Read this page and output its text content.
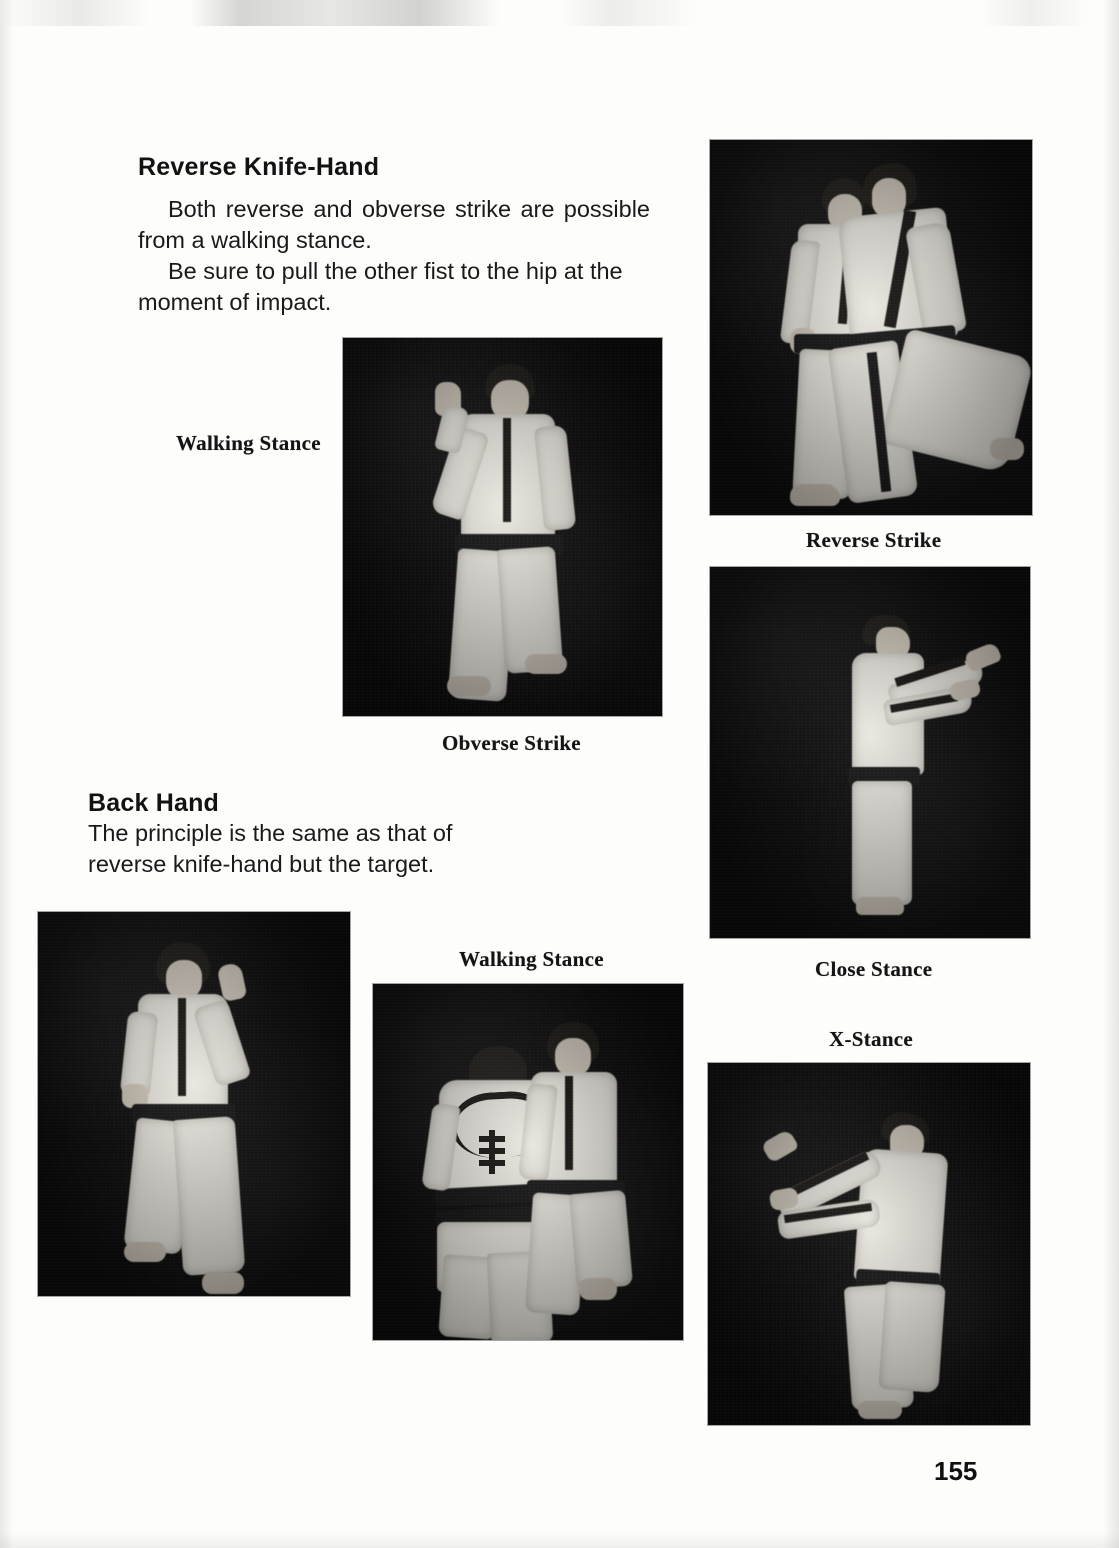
Reverse Knife-Hand
Both reverse and obverse strike are possible from a walking stance.
Be sure to pull the other fist to the hip at the moment of impact.
Reverse Strike
Walking Stance
Obverse Strike
Close Stance
Back Hand
The principle is the same as that of reverse knife-hand but the target.
Walking Stance
X-Stance
155
